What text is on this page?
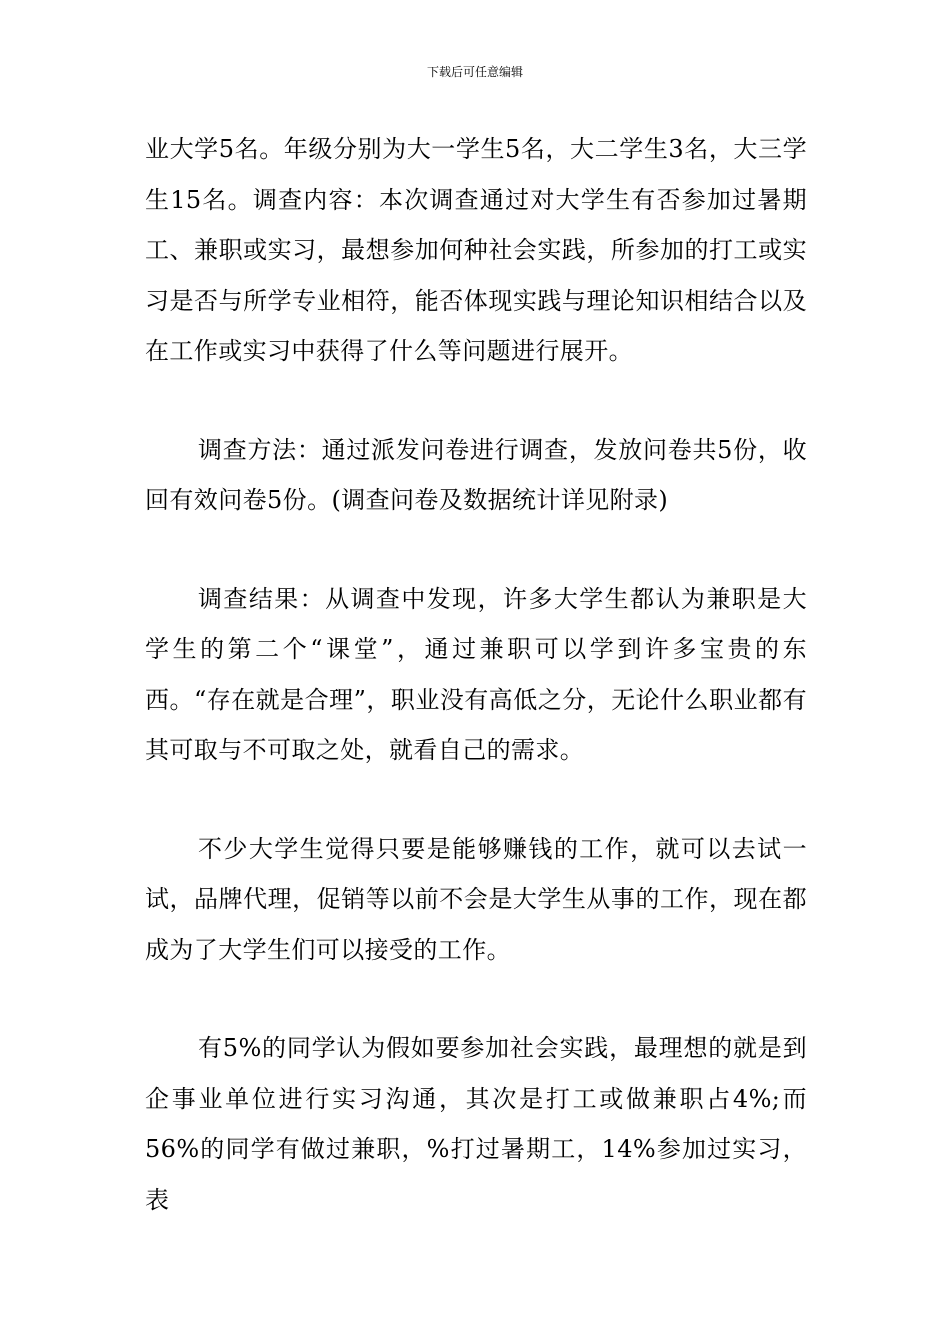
下载后可任意编辑

业大学5名。年级分别为大一学生5名，大二学生3名，大三学生15名。调查内容：本次调查通过对大学生有否参加过暑期工、兼职或实习，最想参加何种社会实践，所参加的打工或实习是否与所学专业相符，能否体现实践与理论知识相结合以及在工作或实习中获得了什么等问题进行展开。

调查方法：通过派发问卷进行调查，发放问卷共5份，收回有效问卷5份。(调查问卷及数据统计详见附录)

调查结果：从调查中发现，许多大学生都认为兼职是大学生的第二个“课堂”，通过兼职可以学到许多宝贵的东西。“存在就是合理”，职业没有高低之分，无论什么职业都有其可取与不可取之处，就看自己的需求。

不少大学生觉得只要是能够赚钱的工作，就可以去试一试，品牌代理，促销等以前不会是大学生从事的工作，现在都成为了大学生们可以接受的工作。

有5%的同学认为假如要参加社会实践，最理想的就是到企事业单位进行实习沟通，其次是打工或做兼职占4%;而56%的同学有做过兼职，%打过暑期工，14%参加过实习，表
